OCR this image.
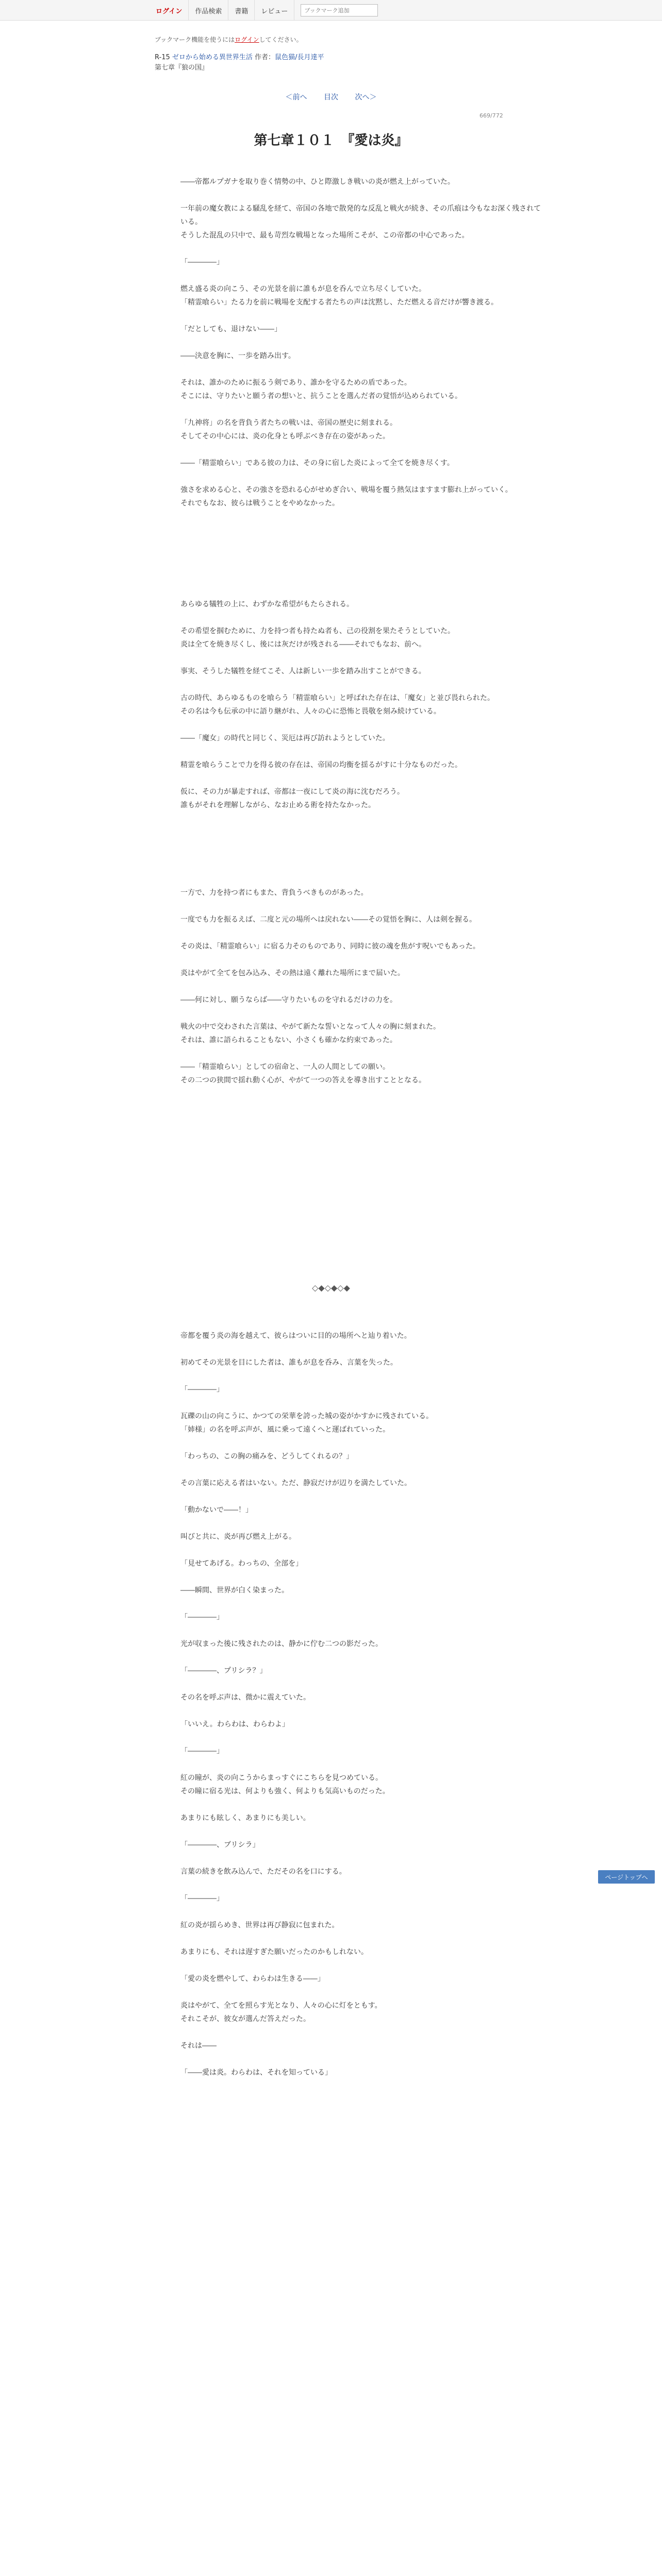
ログイン	作品検索	書籍	レビュー
ブックマーク追加
ブックマーク機能を使うにはログインしてください。
R-15 ゼロから始める異世界生活 作者：鼠色猫/長月達平
第七章『狼の国』
＜前へ 目次 次へ＞
669/772
第七章１０１　『愛は炎』

――帝都ルプガナを取り巻く情勢の中、ひと際激しき戦いの炎が燃え上がっていた。

一年前の魔女教による騒乱を経て、帝国の各地で散発的な反乱と戦火が続き、その爪痕は今もなお深く残されている。

そうした混乱の只中で、最も苛烈な戦場となった場所こそが、この帝都の中心であった。

「――――」

燃え盛る炎の向こう、その光景を前に誰もが息を呑んで立ち尽くしていた。

「精霊喰らい」たる力を前に戦場を支配する者たちの声は沈黙し、ただ燃える音だけが響き渡る。

「だとしても、退けない――」

――決意を胸に、一歩を踏み出す。

それは、誰かのために振るう剣であり、誰かを守るための盾であった。

そこには、守りたいと願う者の想いと、抗うことを選んだ者の覚悟が込められている。

「九神将」の名を背負う者たちの戦いは、帝国の歴史に刻まれる。

そしてその中心には、炎の化身とも呼ぶべき存在の姿があった。

――「精霊喰らい」である彼の力は、その身に宿した炎によって全てを焼き尽くす。

強さを求める心と、その強さを恐れる心がせめぎ合い、戦場を覆う熱気はますます膨れ上がっていく。

それでもなお、彼らは戦うことをやめなかった。

あらゆる犠牲の上に、わずかな希望がもたらされる。

その希望を掴むために、力を持つ者も持たぬ者も、己の役割を果たそうとしていた。

炎は全てを焼き尽くし、後には灰だけが残される――それでもなお、前へ。

事実、そうした犠牲を経てこそ、人は新しい一歩を踏み出すことができる。

古の時代、あらゆるものを喰らう「精霊喰らい」と呼ばれた存在は、「魔女」と並び畏れられた。

その名は今も伝承の中に語り継がれ、人々の心に恐怖と畏敬を刻み続けている。

――「魔女」の時代と同じく、災厄は再び訪れようとしていた。

精霊を喰らうことで力を得る彼の存在は、帝国の均衡を揺るがすに十分なものだった。

仮に、その力が暴走すれば、帝都は一夜にして炎の海に沈むだろう。

誰もがそれを理解しながら、なお止める術を持たなかった。

一方で、力を持つ者にもまた、背負うべきものがあった。

一度でも力を振るえば、二度と元の場所へは戻れない――その覚悟を胸に、人は剣を握る。

その炎は、「精霊喰らい」に宿る力そのものであり、同時に彼の魂を焦がす呪いでもあった。

炎はやがて全てを包み込み、その熱は遠く離れた場所にまで届いた。

――何に対し、願うならば――守りたいものを守れるだけの力を。

戦火の中で交わされた言葉は、やがて新たな誓いとなって人々の胸に刻まれた。

それは、誰に語られることもない、小さくも確かな約束であった。

――「精霊喰らい」としての宿命と、一人の人間としての願い。

その二つの狭間で揺れ動く心が、やがて一つの答えを導き出すこととなる。

◇◆◇◆◇◆

帝都を覆う炎の海を越えて、彼らはついに目的の場所へと辿り着いた。

初めてその光景を目にした者は、誰もが息を呑み、言葉を失った。

「――――」

瓦礫の山の向こうに、かつての栄華を誇った城の姿がかすかに残されている。

「姉様」の名を呼ぶ声が、風に乗って遠くへと運ばれていった。

「わっちの、この胸の痛みを、どうしてくれるの？」

その言葉に応える者はいない。ただ、静寂だけが辺りを満たしていた。

「動かないで――！」

叫びと共に、炎が再び燃え上がる。

「見せてあげる。わっちの、全部を」

――瞬間、世界が白く染まった。

「――――」

光が収まった後に残されたのは、静かに佇む二つの影だった。

「――――、プリシラ？」

その名を呼ぶ声は、微かに震えていた。

「いいえ。わらわは、わらわよ」

「――――」

紅の瞳が、炎の向こうからまっすぐにこちらを見つめている。

その瞳に宿る光は、何よりも強く、何よりも気高いものだった。

あまりにも眩しく、あまりにも美しい。

「――――、ブリシラ」

言葉の続きを飲み込んで、ただその名を口にする。

「――――」

紅の炎が揺らめき、世界は再び静寂に包まれた。

あまりにも、それは遅すぎた願いだったのかもしれない。

「愛の炎を燃やして、わらわは生きる――」

炎はやがて、全てを照らす光となり、人々の心に灯をともす。

それこそが、彼女が選んだ答えだった。

それは――

「――愛は炎。わらわは、それを知っている」

ページトップへ
